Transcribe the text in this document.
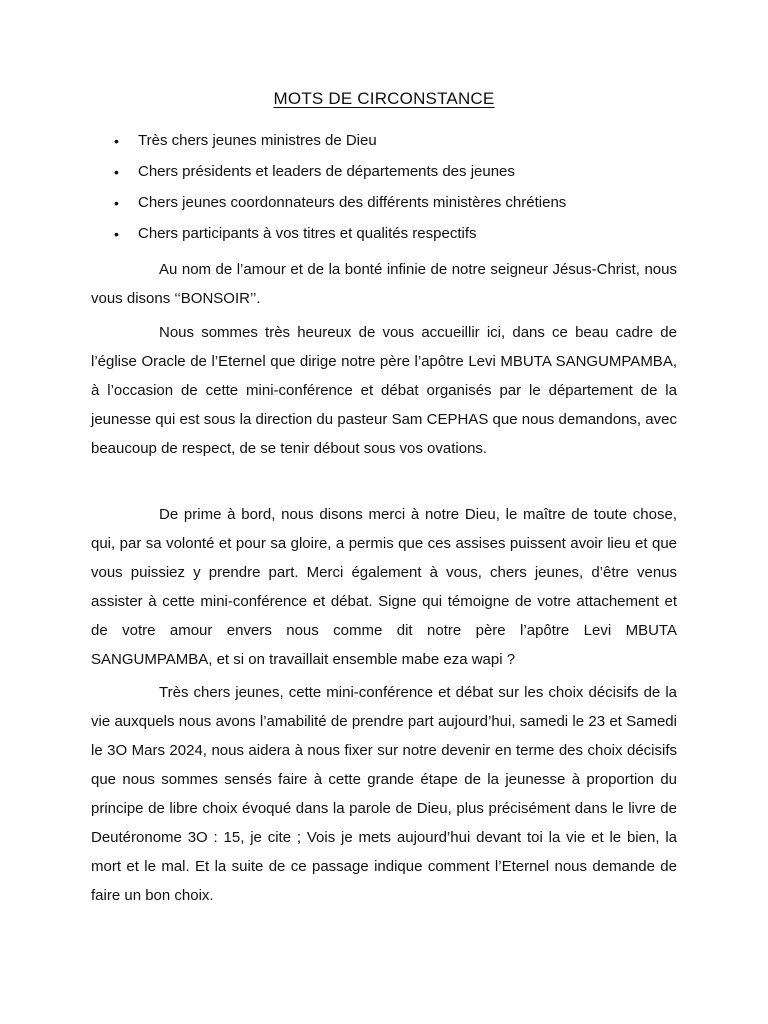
MOTS DE CIRCONSTANCE
• Très chers jeunes ministres de Dieu
• Chers présidents et leaders de départements des jeunes
• Chers jeunes coordonnateurs des différents ministères chrétiens
• Chers participants à vos titres et qualités respectifs

Au nom de l’amour et de la bonté infinie de notre seigneur Jésus-Christ, nous vous disons ‘‘BONSOIR’’.

Nous sommes très heureux de vous accueillir ici, dans ce beau cadre de l’église Oracle de l’Eternel que dirige notre père l’apôtre Levi MBUTA SANGUMPAMBA, à l’occasion de cette mini-conférence et débat organisés par le département de la jeunesse qui est sous la direction du pasteur Sam CEPHAS que nous demandons, avec beaucoup de respect, de se tenir débout sous vos ovations.

De prime à bord, nous disons merci à notre Dieu, le maître de toute chose, qui, par sa volonté et pour sa gloire, a permis que ces assises puissent avoir lieu et que vous puissiez y prendre part. Merci également à vous, chers jeunes, d’être venus assister à cette mini-conférence et débat. Signe qui témoigne de votre attachement et de votre amour envers nous comme dit notre père l’apôtre Levi MBUTA SANGUMPAMBA, et si on travaillait ensemble mabe eza wapi ?

Très chers jeunes, cette mini-conférence et débat sur les choix décisifs de la vie auxquels nous avons l’amabilité de prendre part aujourd’hui, samedi le 23 et Samedi le 3O Mars 2024, nous aidera à nous fixer sur notre devenir en terme des choix décisifs que nous sommes sensés faire à cette grande étape de la jeunesse à proportion du principe de libre choix évoqué dans la parole de Dieu, plus précisément dans le livre de Deutéronome 3O : 15, je cite ; Vois je mets aujourd’hui devant toi la vie et le bien, la mort et le mal. Et la suite de ce passage indique comment l’Eternel nous demande de faire un bon choix.
